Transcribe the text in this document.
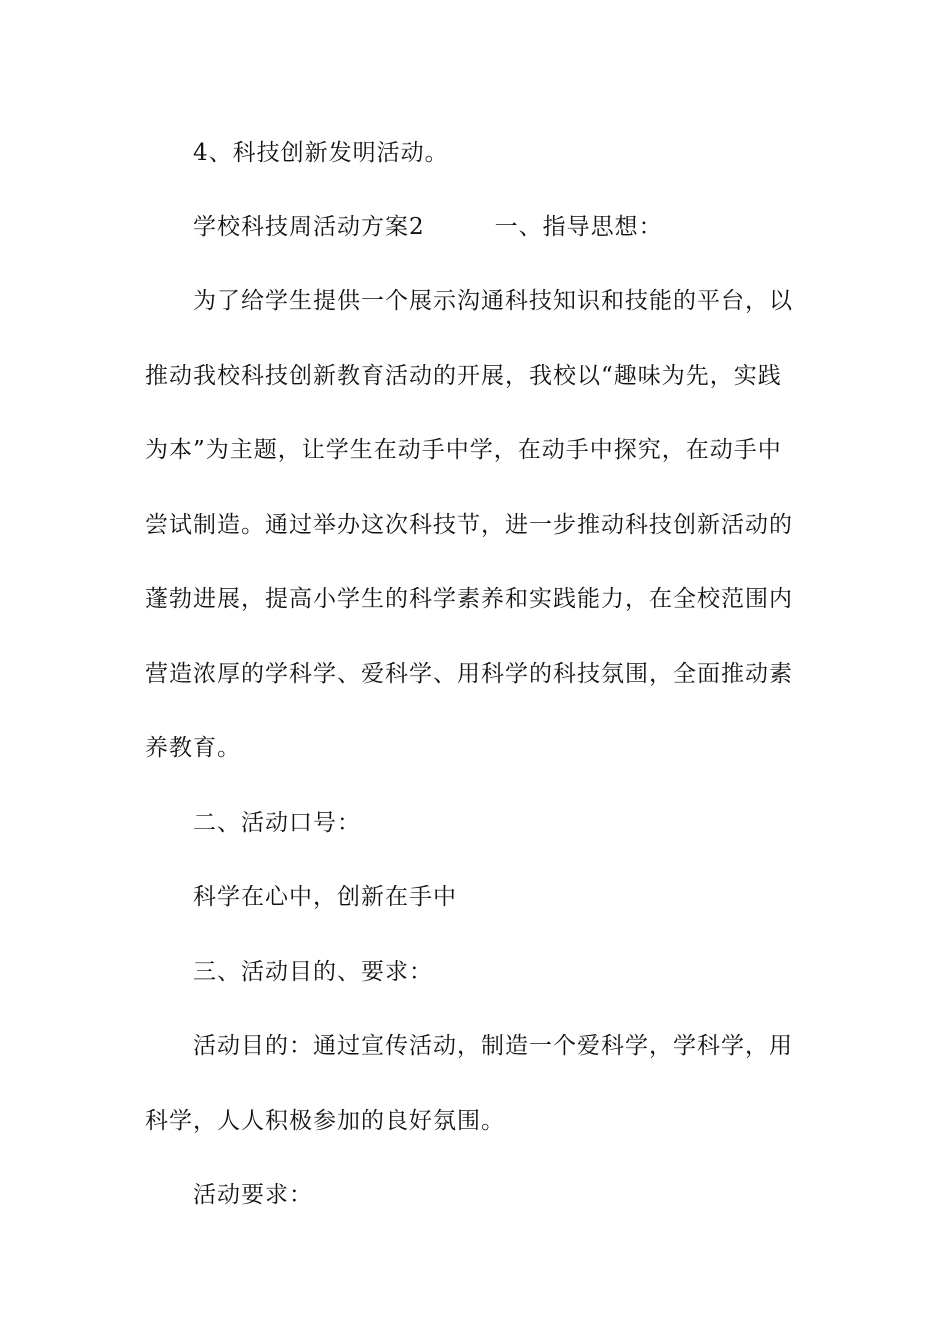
4、科技创新发明活动。
学校科技周活动方案2	一、指导思想：
为了给学生提供一个展示沟通科技知识和技能的平台，以
推动我校科技创新教育活动的开展，我校以“趣味为先，实践
为本”为主题，让学生在动手中学，在动手中探究，在动手中
尝试制造。通过举办这次科技节，进一步推动科技创新活动的
蓬勃进展，提高小学生的科学素养和实践能力，在全校范围内
营造浓厚的学科学、爱科学、用科学的科技氛围，全面推动素
养教育。
二、活动口号：
科学在心中，创新在手中
三、活动目的、要求：
活动目的：通过宣传活动，制造一个爱科学，学科学，用
科学，人人积极参加的良好氛围。
活动要求：
